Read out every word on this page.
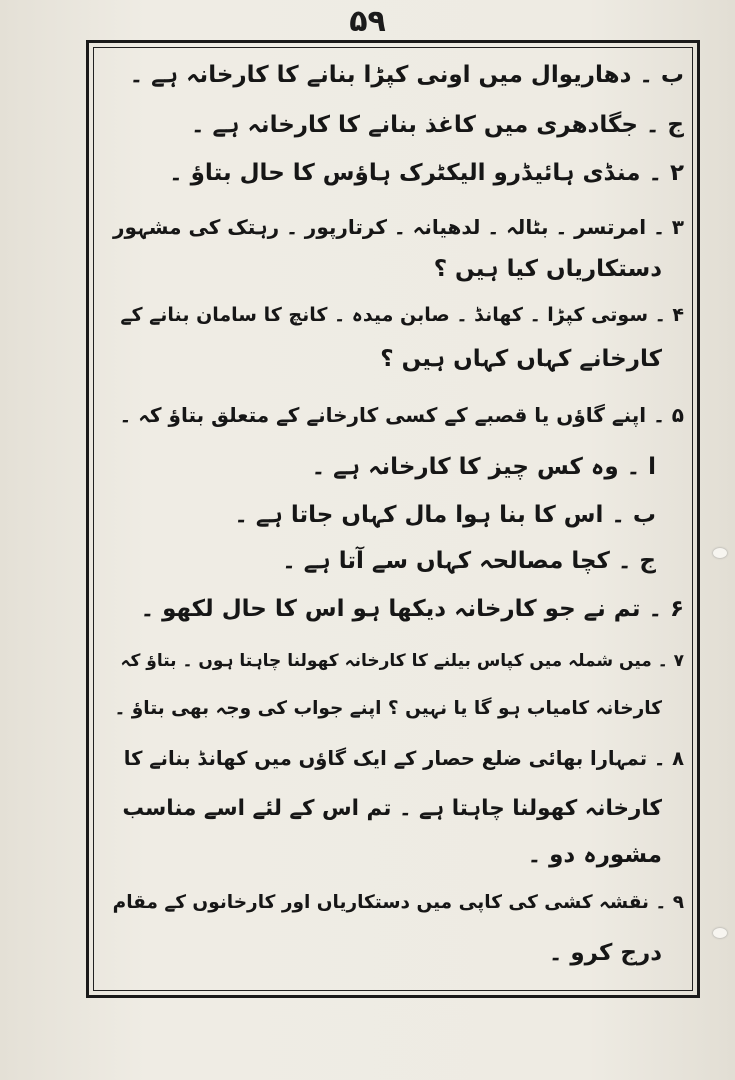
۵۹
ب ۔ دھاریوال میں اونی کپڑا بنانے کا کارخانہ ہے ۔
ج ۔ جگادھری میں کاغذ بنانے کا کارخانہ ہے ۔
۲ ۔ منڈی ہائیڈرو الیکٹرک ہاؤس کا حال بتاؤ ۔
۳ ۔ امرتسر ۔ بٹالہ ۔ لدھیانہ ۔ کرتارپور ۔ رہتک کی مشہور
دستکاریاں کیا ہیں ؟
۴ ۔ سوتی کپڑا ۔ کھانڈ ۔ صابن میدہ ۔ کانچ کا سامان بنانے کے
کارخانے کہاں کہاں ہیں ؟
۵ ۔ اپنے گاؤں یا قصبے کے کسی کارخانے کے متعلق بتاؤ کہ ۔
ا ۔ وہ کس چیز کا کارخانہ ہے ۔
ب ۔ اس کا بنا ہوا مال کہاں جاتا ہے ۔
ج ۔ کچا مصالحہ کہاں سے آتا ہے ۔
۶ ۔ تم نے جو کارخانہ دیکھا ہو اس کا حال لکھو ۔
۷ ۔ میں شملہ میں کپاس بیلنے کا کارخانہ کھولنا چاہتا ہوں ۔ بتاؤ کہ
کارخانہ کامیاب ہو گا یا نہیں ؟ اپنے جواب کی وجہ بھی بتاؤ ۔
۸ ۔ تمہارا بھائی ضلع حصار کے ایک گاؤں میں کھانڈ بنانے کا
کارخانہ کھولنا چاہتا ہے ۔ تم اس کے لئے اسے مناسب
مشورہ دو ۔
۹ ۔ نقشہ کشی کی کاپی میں دستکاریاں اور کارخانوں کے مقام
درج کرو ۔
